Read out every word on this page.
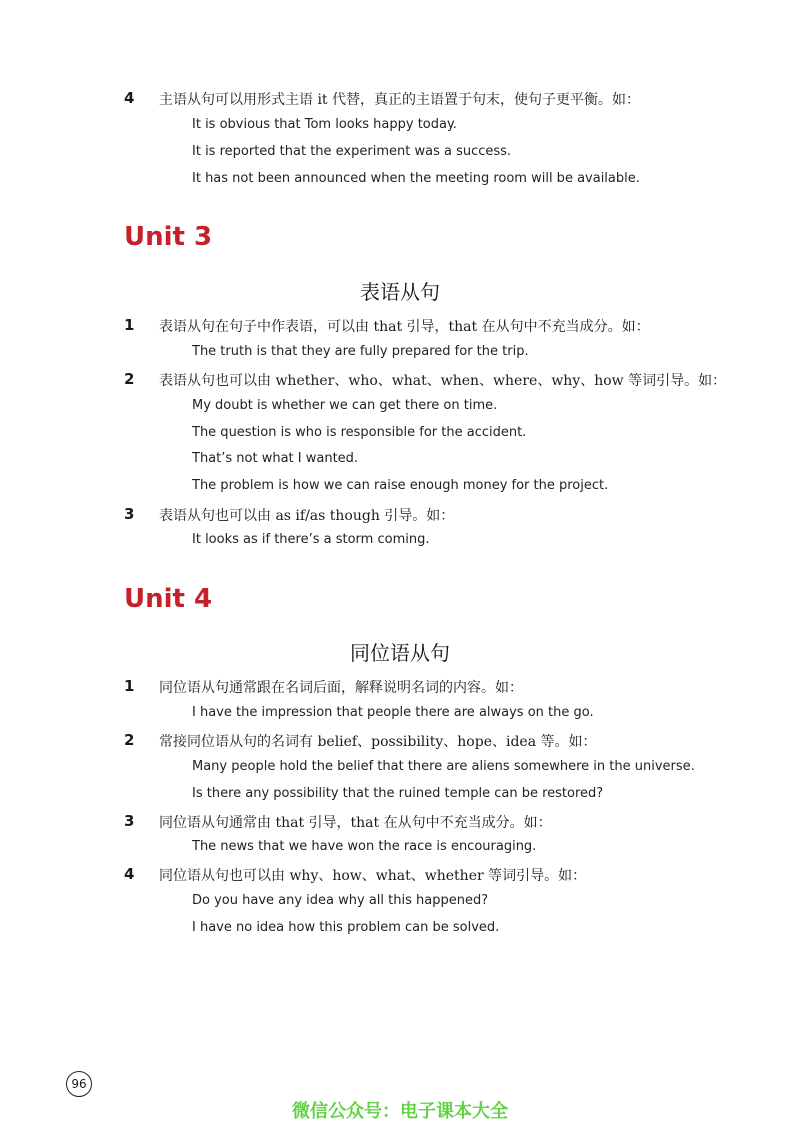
4 主语从句可以用形式主语 it 代替，真正的主语置于句末，使句子更平衡。如：
It is obvious that Tom looks happy today.
It is reported that the experiment was a success.
It has not been announced when the meeting room will be available.
Unit 3
表语从句
1 表语从句在句子中作表语，可以由 that 引导，that 在从句中不充当成分。如：
The truth is that they are fully prepared for the trip.
2 表语从句也可以由 whether、who、what、when、where、why、how 等词引导。如：
My doubt is whether we can get there on time.
The question is who is responsible for the accident.
That’s not what I wanted.
The problem is how we can raise enough money for the project.
3 表语从句也可以由 as if/as though 引导。如：
It looks as if there’s a storm coming.
Unit 4
同位语从句
1 同位语从句通常跟在名词后面，解释说明名词的内容。如：
I have the impression that people there are always on the go.
2 常接同位语从句的名词有 belief、possibility、hope、idea 等。如：
Many people hold the belief that there are aliens somewhere in the universe.
Is there any possibility that the ruined temple can be restored?
3 同位语从句通常由 that 引导，that 在从句中不充当成分。如：
The news that we have won the race is encouraging.
4 同位语从句也可以由 why、how、what、whether 等词引导。如：
Do you have any idea why all this happened?
I have no idea how this problem can be solved.
96
微信公众号：电子课本大全
